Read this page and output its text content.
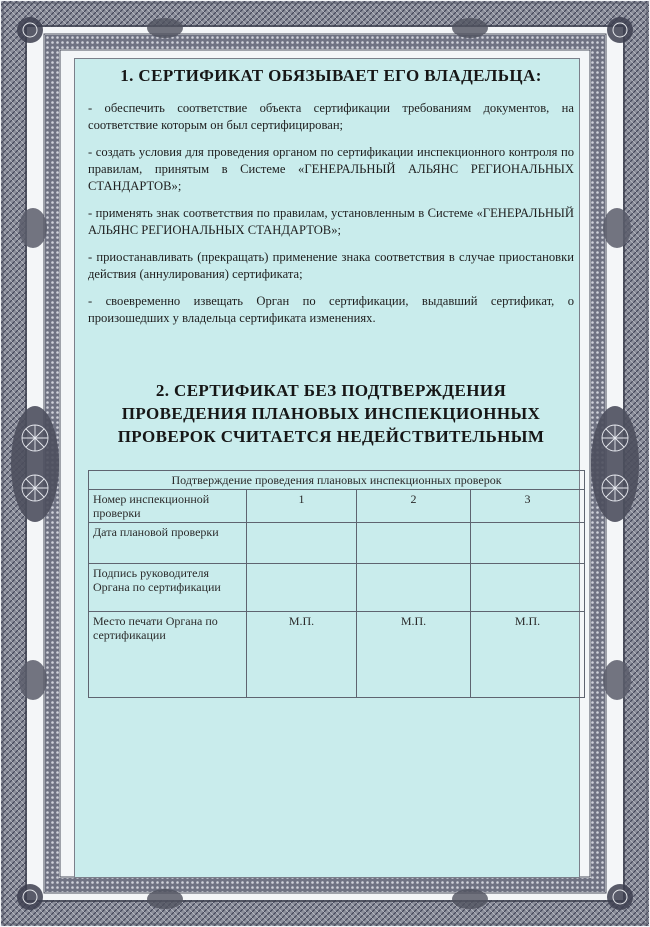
1. СЕРТИФИКАТ ОБЯЗЫВАЕТ ЕГО ВЛАДЕЛЬЦА:

- обеспечить соответствие объекта сертификации требованиям документов, на соответствие которым он был сертифицирован;

- создать условия для проведения органом по сертификации инспекционного контроля по правилам, принятым в Системе «ГЕНЕРАЛЬНЫЙ АЛЬЯНС РЕГИОНАЛЬНЫХ СТАНДАРТОВ»;

- применять знак соответствия по правилам, установленным в Системе «ГЕНЕРАЛЬНЫЙ АЛЬЯНС РЕГИОНАЛЬНЫХ СТАНДАРТОВ»;

- приостанавливать (прекращать) применение знака соответствия в случае приостановки действия (аннулирования) сертификата;

- своевременно извещать Орган по сертификации, выдавший сертификат, о произошедших у владельца сертификата изменениях.

2. СЕРТИФИКАТ БЕЗ ПОДТВЕРЖДЕНИЯ
ПРОВЕДЕНИЯ ПЛАНОВЫХ ИНСПЕКЦИОННЫХ
ПРОВЕРОК СЧИТАЕТСЯ НЕДЕЙСТВИТЕЛЬНЫМ
Подтверждение проведения плановых инспекционных проверок			
Номер инспекционной проверки	1	2	3
Дата плановой проверки			
Подпись руководителя Органа по сертификации			
Место печати Органа по сертификации	М.П.	М.П.	М.П.
